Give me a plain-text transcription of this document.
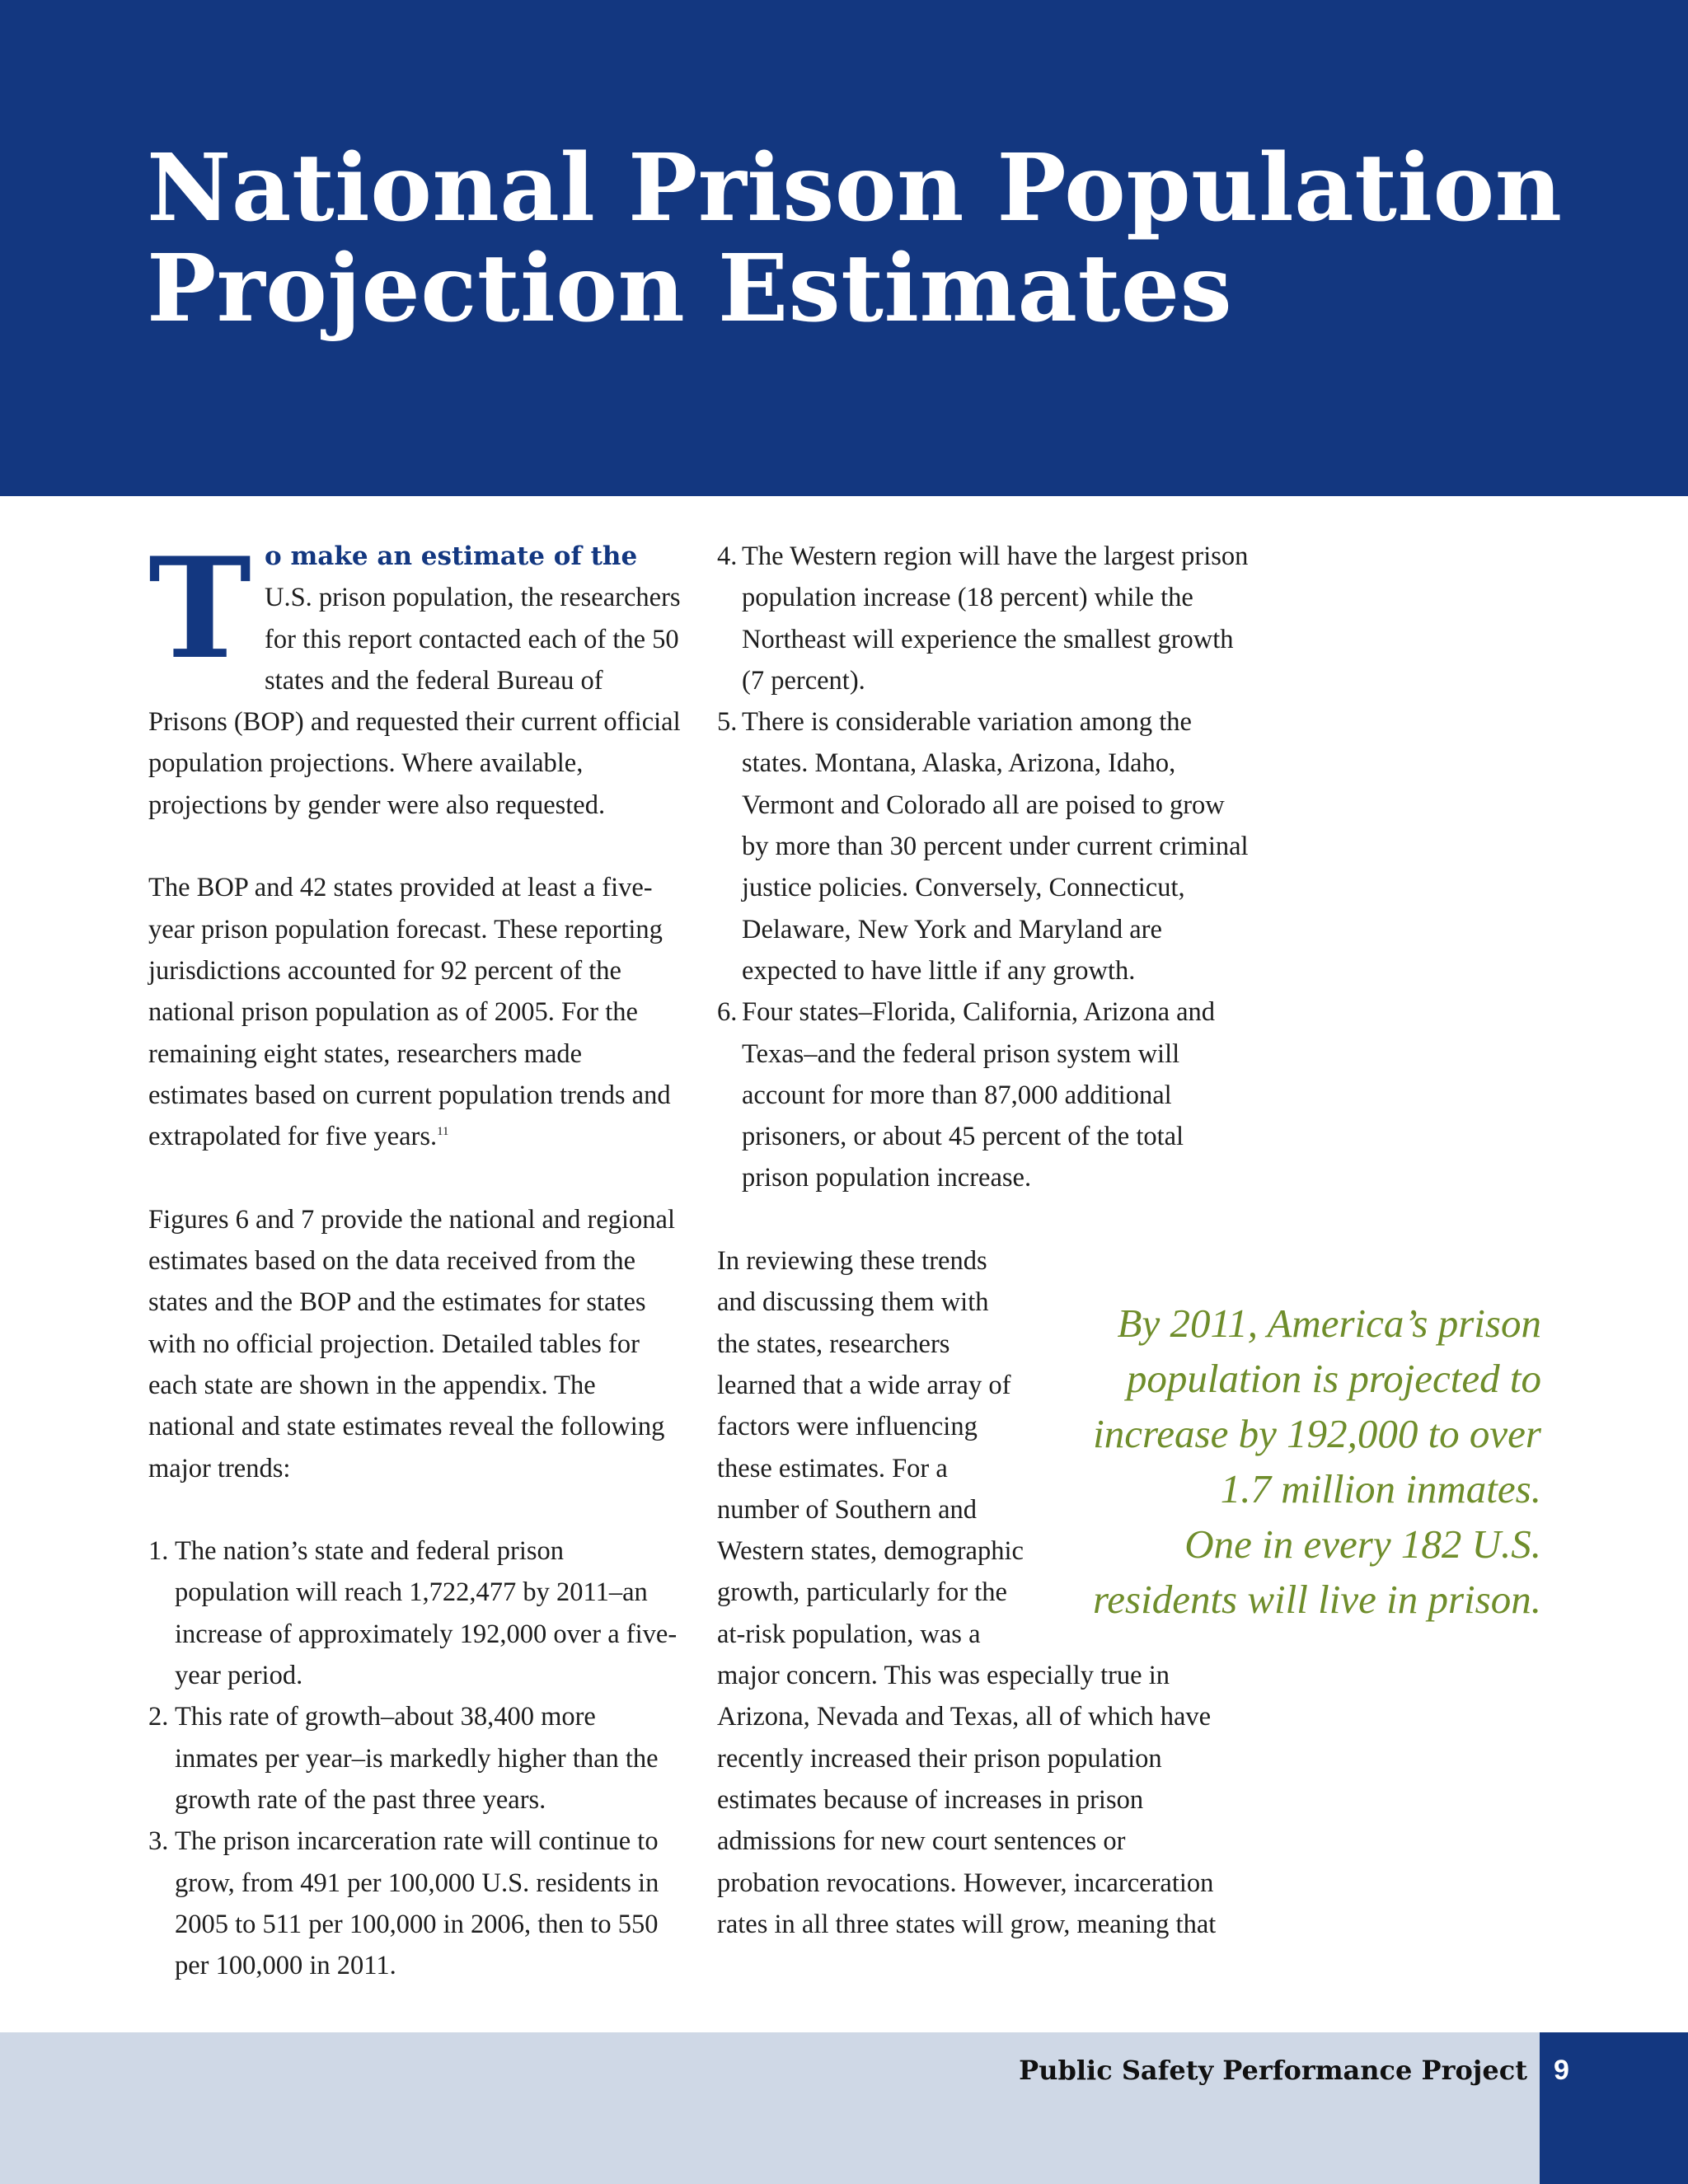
National Prison Population
Projection Estimates

T o make an estimate of the U.S. prison population, the researchers for this report contacted each of the 50 states and the federal Bureau of Prisons (BOP) and requested their current official population projections. Where available, projections by gender were also requested.

The BOP and 42 states provided at least a five-year prison population forecast. These reporting jurisdictions accounted for 92 percent of the national prison population as of 2005. For the remaining eight states, researchers made estimates based on current population trends and extrapolated for five years.$^{11}$

Figures 6 and 7 provide the national and regional estimates based on the data received from the states and the BOP and the estimates for states with no official projection. Detailed tables for each state are shown in the appendix. The national and state estimates reveal the following major trends:

1. The nation’s state and federal prison population will reach 1,722,477 by 2011–an increase of approximately 192,000 over a five-year period.
2. This rate of growth–about 38,400 more inmates per year–is markedly higher than the growth rate of the past three years.
3. The prison incarceration rate will continue to grow, from 491 per 100,000 U.S. residents in 2005 to 511 per 100,000 in 2006, then to 550 per 100,000 in 2011.
4. The Western region will have the largest prison population increase (18 percent) while the Northeast will experience the smallest growth (7 percent).
5. There is considerable variation among the states. Montana, Alaska, Arizona, Idaho, Vermont and Colorado all are poised to grow by more than 30 percent under current criminal justice policies. Conversely, Connecticut, Delaware, New York and Maryland are expected to have little if any growth.
6. Four states–Florida, California, Arizona and Texas–and the federal prison system will account for more than 87,000 additional prisoners, or about 45 percent of the total prison population increase.
In reviewing these trends
and discussing them with
the states, researchers
learned that a wide array of
factors were influencing
these estimates. For a
number of Southern and
Western states, demographic
growth, particularly for the
at-risk population, was a
major concern. This was especially true in
Arizona, Nevada and Texas, all of which have
recently increased their prison population
estimates because of increases in prison
admissions for new court sentences or
probation revocations. However, incarceration
rates in all three states will grow, meaning that
By 2011, America’s prison
population is projected to
increase by 192,000 to over
1.7 million inmates.
One in every 182 U.S.
residents will live in prison.
Public Safety Performance Project 9
